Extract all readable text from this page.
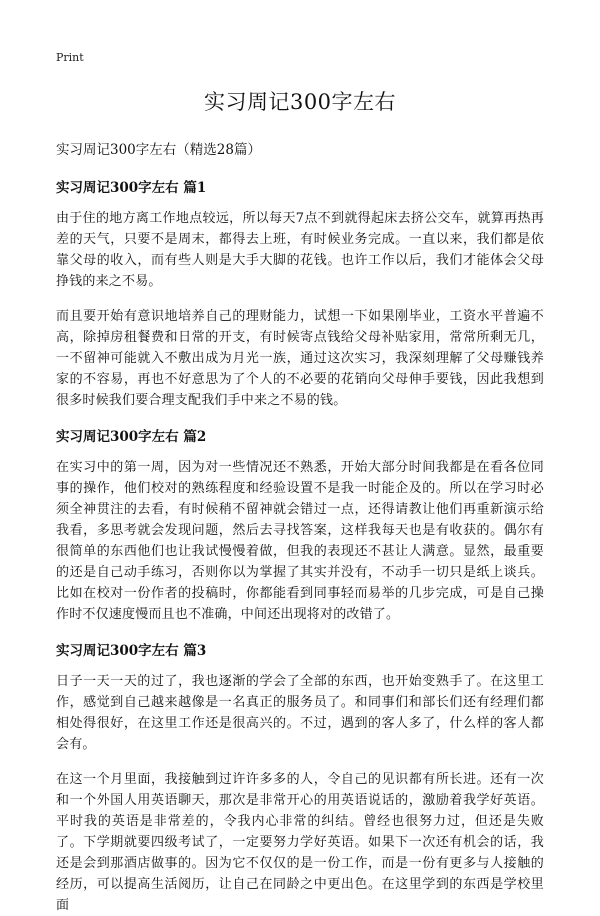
Print
实习周记300字左右

实习周记300字左右（精选28篇）

实习周记300字左右 篇1

由于住的地方离工作地点较远，所以每天7点不到就得起床去挤公交车，就算再热再差的天气，只要不是周末，都得去上班，有时候业务完成。一直以来，我们都是依靠父母的收入，而有些人则是大手大脚的花钱。也许工作以后，我们才能体会父母挣钱的来之不易。

而且要开始有意识地培养自己的理财能力，试想一下如果刚毕业，工资水平普遍不高，除掉房租餐费和日常的开支，有时候寄点钱给父母补贴家用，常常所剩无几，一不留神可能就入不敷出成为月光一族，通过这次实习，我深刻理解了父母赚钱养家的不容易，再也不好意思为了个人的不必要的花销向父母伸手要钱，因此我想到很多时候我们要合理支配我们手中来之不易的钱。

实习周记300字左右 篇2

在实习中的第一周，因为对一些情况还不熟悉，开始大部分时间我都是在看各位同事的操作，他们校对的熟练程度和经验设置不是我一时能企及的。所以在学习时必须全神贯注的去看，有时候稍不留神就会错过一点，还得请教让他们再重新演示给我看，多思考就会发现问题，然后去寻找答案，这样我每天也是有收获的。偶尔有很简单的东西他们也让我试慢慢着做，但我的表现还不甚让人满意。显然，最重要的还是自己动手练习，否则你以为掌握了其实并没有，不动手一切只是纸上谈兵。比如在校对一份作者的投稿时，你都能看到同事轻而易举的几步完成，可是自己操作时不仅速度慢而且也不准确，中间还出现将对的改错了。

实习周记300字左右 篇3

日子一天一天的过了，我也逐渐的学会了全部的东西，也开始变熟手了。在这里工作，感觉到自己越来越像是一名真正的服务员了。和同事们和部长们还有经理们都相处得很好，在这里工作还是很高兴的。不过，遇到的客人多了，什么样的客人都会有。

在这一个月里面，我接触到过许许多多的人，令自己的见识都有所长进。还有一次和一个外国人用英语聊天，那次是非常开心的用英语说话的，激励着我学好英语。平时我的英语是非常差的，令我内心非常的纠结。曾经也很努力过，但还是失败了。下学期就要四级考试了，一定要努力学好英语。如果下一次还有机会的话，我还是会到那酒店做事的。因为它不仅仅的是一份工作，而是一份有更多与人接触的经历，可以提高生活阅历，让自己在同龄之中更出色。在这里学到的东西是学校里面
